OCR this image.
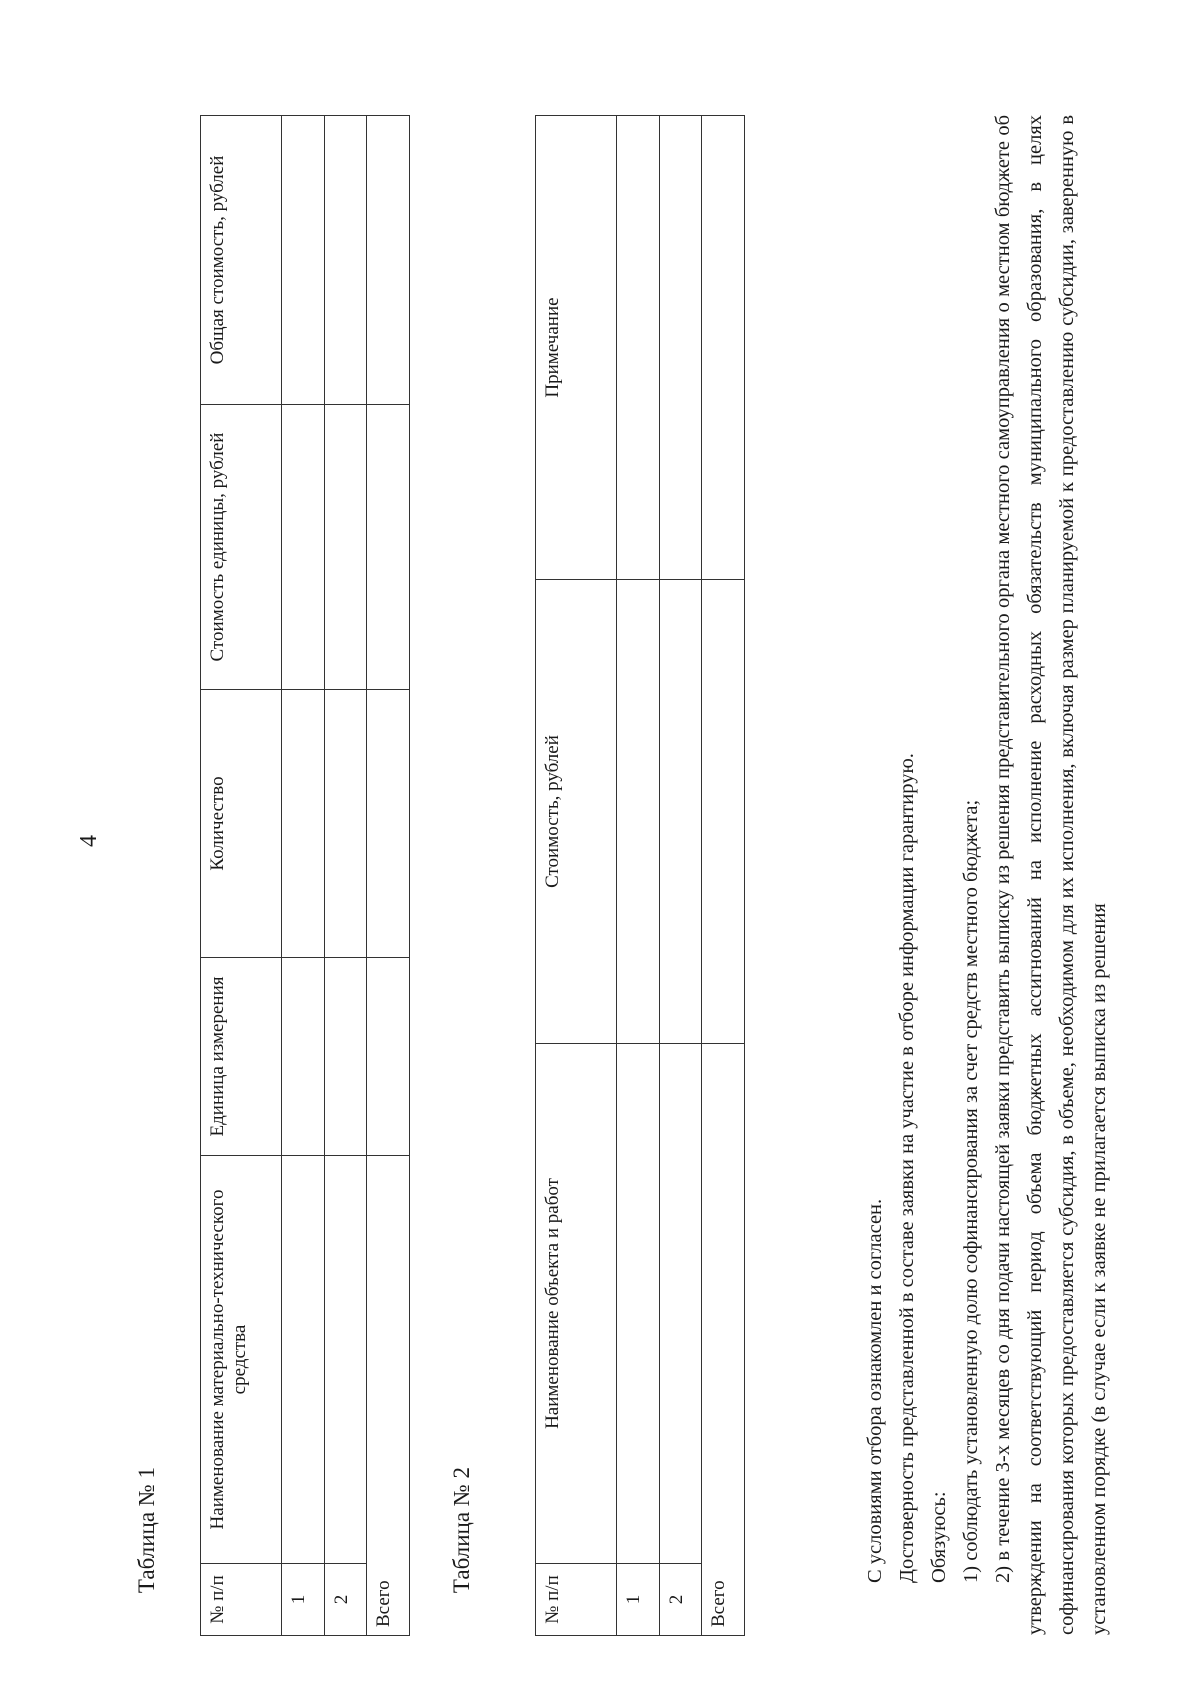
4
Таблица № 1
№ п/п	Наименование материально-технического средства	Единица измерения	Количество	Стоимость единицы, рублей	Общая стоимость, рублей
1					
2					
Всего					
Таблица № 2
№ п/п	Наименование объекта и работ	Стоимость, рублей	Примечание
1			
2			
Всего			

С условиями отбора ознакомлен и согласен. Достоверность представленной в составе заявки на участие в отборе информации гарантирую. Обязуюсь: 1) соблюдать установленную долю софинансирования за счет средств местного бюджета; 2) в течение 3-х месяцев со дня подачи настоящей заявки представить выписку из решения представительного органа местного самоуправления о местном бюджете об утверждении на соответствующий период объема бюджетных ассигнований на исполнение расходных обязательств муниципального образования, в целях софинансирования которых предоставляется субсидия, в объеме, необходимом для их исполнения, включая размер планируемой к предоставлению субсидии, заверенную в установленном порядке (в случае если к заявке не прилагается выписка из решения
